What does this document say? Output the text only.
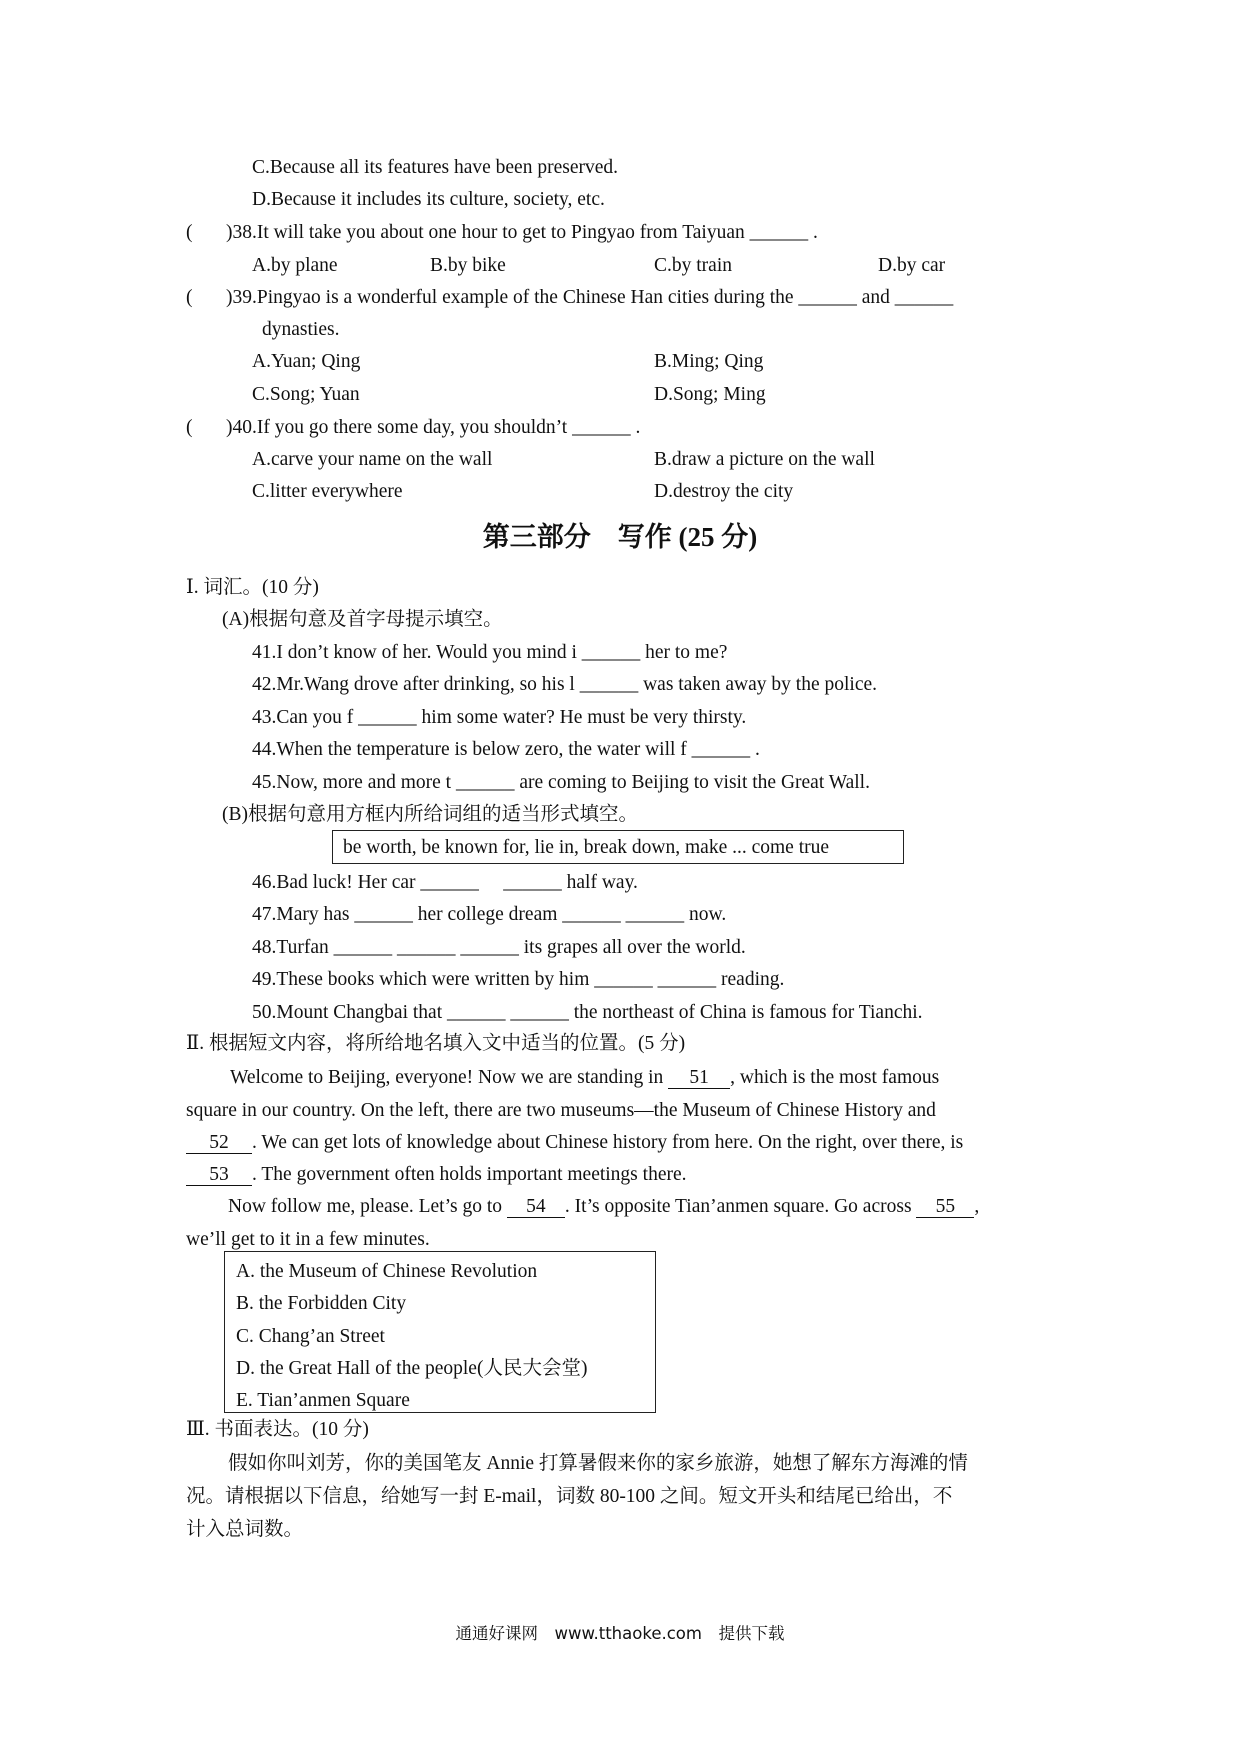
C.Because all its features have been preserved.
D.Because it includes its culture, society, etc.
( )38.It will take you about one hour to get to Pingyao from Taiyuan ______ .
A.by plane	B.by bike	C.by train	D.by car
( )39.Pingyao is a wonderful example of the Chinese Han cities during the ______ and ______
dynasties.
A.Yuan; Qing	B.Ming; Qing
C.Song; Yuan	D.Song; Ming
( )40.If you go there some day, you shouldn’t ______ .
A.carve your name on the wall	B.draw a picture on the wall
C.litter everywhere	D.destroy the city
第三部分　写作 (25 分)
Ⅰ. 词汇。(10 分)
(A)根据句意及首字母提示填空。
41.I don’t know of her. Would you mind i ______ her to me?
42.Mr.Wang drove after drinking, so his l ______ was taken away by the police.
43.Can you f ______ him some water? He must be very thirsty.
44.When the temperature is below zero, the water will f ______ .
45.Now, more and more t ______ are coming to Beijing to visit the Great Wall.
(B)根据句意用方框内所给词组的适当形式填空。
be worth, be known for, lie in, break down, make ... come true
46.Bad luck! Her car ______　 ______ half way.
47.Mary has ______ her college dream ______ ______ now.
48.Turfan ______ ______ ______ its grapes all over the world.
49.These books which were written by him ______ ______ reading.
50.Mount Changbai that ______ ______ the northeast of China is famous for Tianchi.
Ⅱ. 根据短文内容，将所给地名填入文中适当的位置。(5 分)
Welcome to Beijing, everyone! Now we are standing in 51 , which is the most famous
square in our country. On the left, there are two museums—the Museum of Chinese History and
52 . We can get lots of knowledge about Chinese history from here. On the right, over there, is
53 . The government often holds important meetings there.
Now follow me, please. Let’s go to 54 . It’s opposite Tian’anmen square. Go across 55 ,
we’ll get to it in a few minutes.
A. the Museum of Chinese Revolution
B. the Forbidden City
C. Chang’an Street
D. the Great Hall of the people(人民大会堂)
E. Tian’anmen Square
Ⅲ. 书面表达。(10 分)
假如你叫刘芳，你的美国笔友 Annie 打算暑假来你的家乡旅游，她想了解东方海滩的情
况。请根据以下信息，给她写一封 E-mail，词数 80-100 之间。短文开头和结尾已给出，不
计入总词数。
通通好课网　www.tthaoke.com　提供下载
